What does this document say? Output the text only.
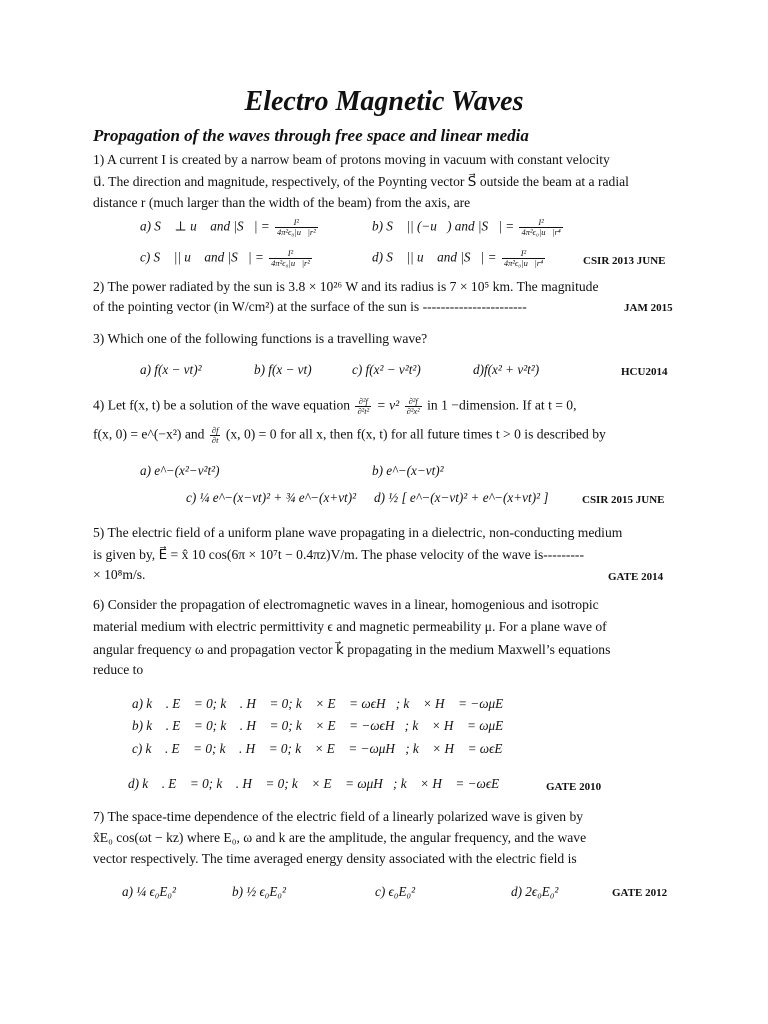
Electro Magnetic Waves
Propagation of the waves through free space and linear media
1) A current I is created by a narrow beam of protons moving in vacuum with constant velocity
u⃗. The direction and magnitude, respectively, of the Poynting vector S⃗ outside the beam at a radial
distance r (much larger than the width of the beam) from the axis, are
a) S⃗ ⊥ u⃗ and |S⃗| = $\frac{\text{I²}}{\text{4π²ϵ₀|u⃗|r²}}$	b) S⃗ || (−u⃗) and |S⃗| = $\frac{\text{I²}}{\text{4π²ϵ₀|u⃗|r⁴}}$
c) S⃗ || u⃗ and |S⃗| = $\frac{\text{I²}}{\text{4π²ϵ₀|u⃗|r²}}$	d) S⃗ || u⃗ and |S⃗| = $\frac{\text{I²}}{\text{4π²ϵ₀|u⃗|r⁴}}$	CSIR 2013 JUNE
2) The power radiated by the sun is 3.8 × 10²⁶ W and its radius is 7 × 10⁵ km. The magnitude
of the pointing vector (in W/cm²) at the surface of the sun is -----------------------	JAM 2015
3) Which one of the following functions is a travelling wave?
a) f(x − vt)²	b) f(x − vt)	c) f(x² − v²t²)	d)f(x² + v²t²)	HCU2014
4) Let f(x, t) be a solution of the wave equation $\frac{\text{∂²f}}{\text{∂²t²}} = v^2 \frac{\text{∂²f}}{\text{∂²x²}}$ in 1 −dimension. If at t = 0,
f(x, 0) = e^(−x²) and $\frac{\partial f}{\partial t} (x$, 0) = 0 for all x, then f(x, t) for all future times t > 0 is described by
a) e^−(x²−v²t²)	b) e^−(x−vt)²
c) ¼ e^−(x−vt)² + ¾ e^−(x+vt)² d) ½ [ e^−(x−vt)² + e^−(x+vt)² ]	CSIR 2015 JUNE
5) The electric field of a uniform plane wave propagating in a dielectric, non-conducting medium
is given by, E⃗ = x̂ 10 cos(6π × 10⁷t − 0.4πz)V/m. The phase velocity of the wave is---------
× 10⁸m/s.	GATE 2014
6) Consider the propagation of electromagnetic waves in a linear, homogenious and isotropic
material medium with electric permittivity ϵ and magnetic permeability μ. For a plane wave of
angular frequency ω and propagation vector k⃗ propagating in the medium Maxwell’s equations
reduce to
a) k⃗ . E⃗ = 0; k⃗ . H⃗ = 0; k⃗ × E⃗ = ωϵH⃗; k⃗ × H⃗ = −ωμE⃗
b) k⃗ . E⃗ = 0; k⃗ . H⃗ = 0; k⃗ × E⃗ = −ωϵH⃗; k⃗ × H⃗ = ωμE⃗
c) k⃗ . E⃗ = 0; k⃗ . H⃗ = 0; k⃗ × E⃗ = −ωμH⃗; k⃗ × H⃗ = ωϵE⃗
d) k⃗ . E⃗ = 0; k⃗ . H⃗ = 0; k⃗ × E⃗ = ωμH⃗; k⃗ × H⃗ = −ωϵE⃗	GATE 2010
7) The space-time dependence of the electric field of a linearly polarized wave is given by
x̂E₀ cos(ωt − kz) where E₀, ω and k are the amplitude, the angular frequency, and the wave
vector respectively. The time averaged energy density associated with the electric field is
a) ¼ ϵ₀E₀²	b) ½ ϵ₀E₀²	c) ϵ₀E₀²	d) 2ϵ₀E₀²	GATE 2012
